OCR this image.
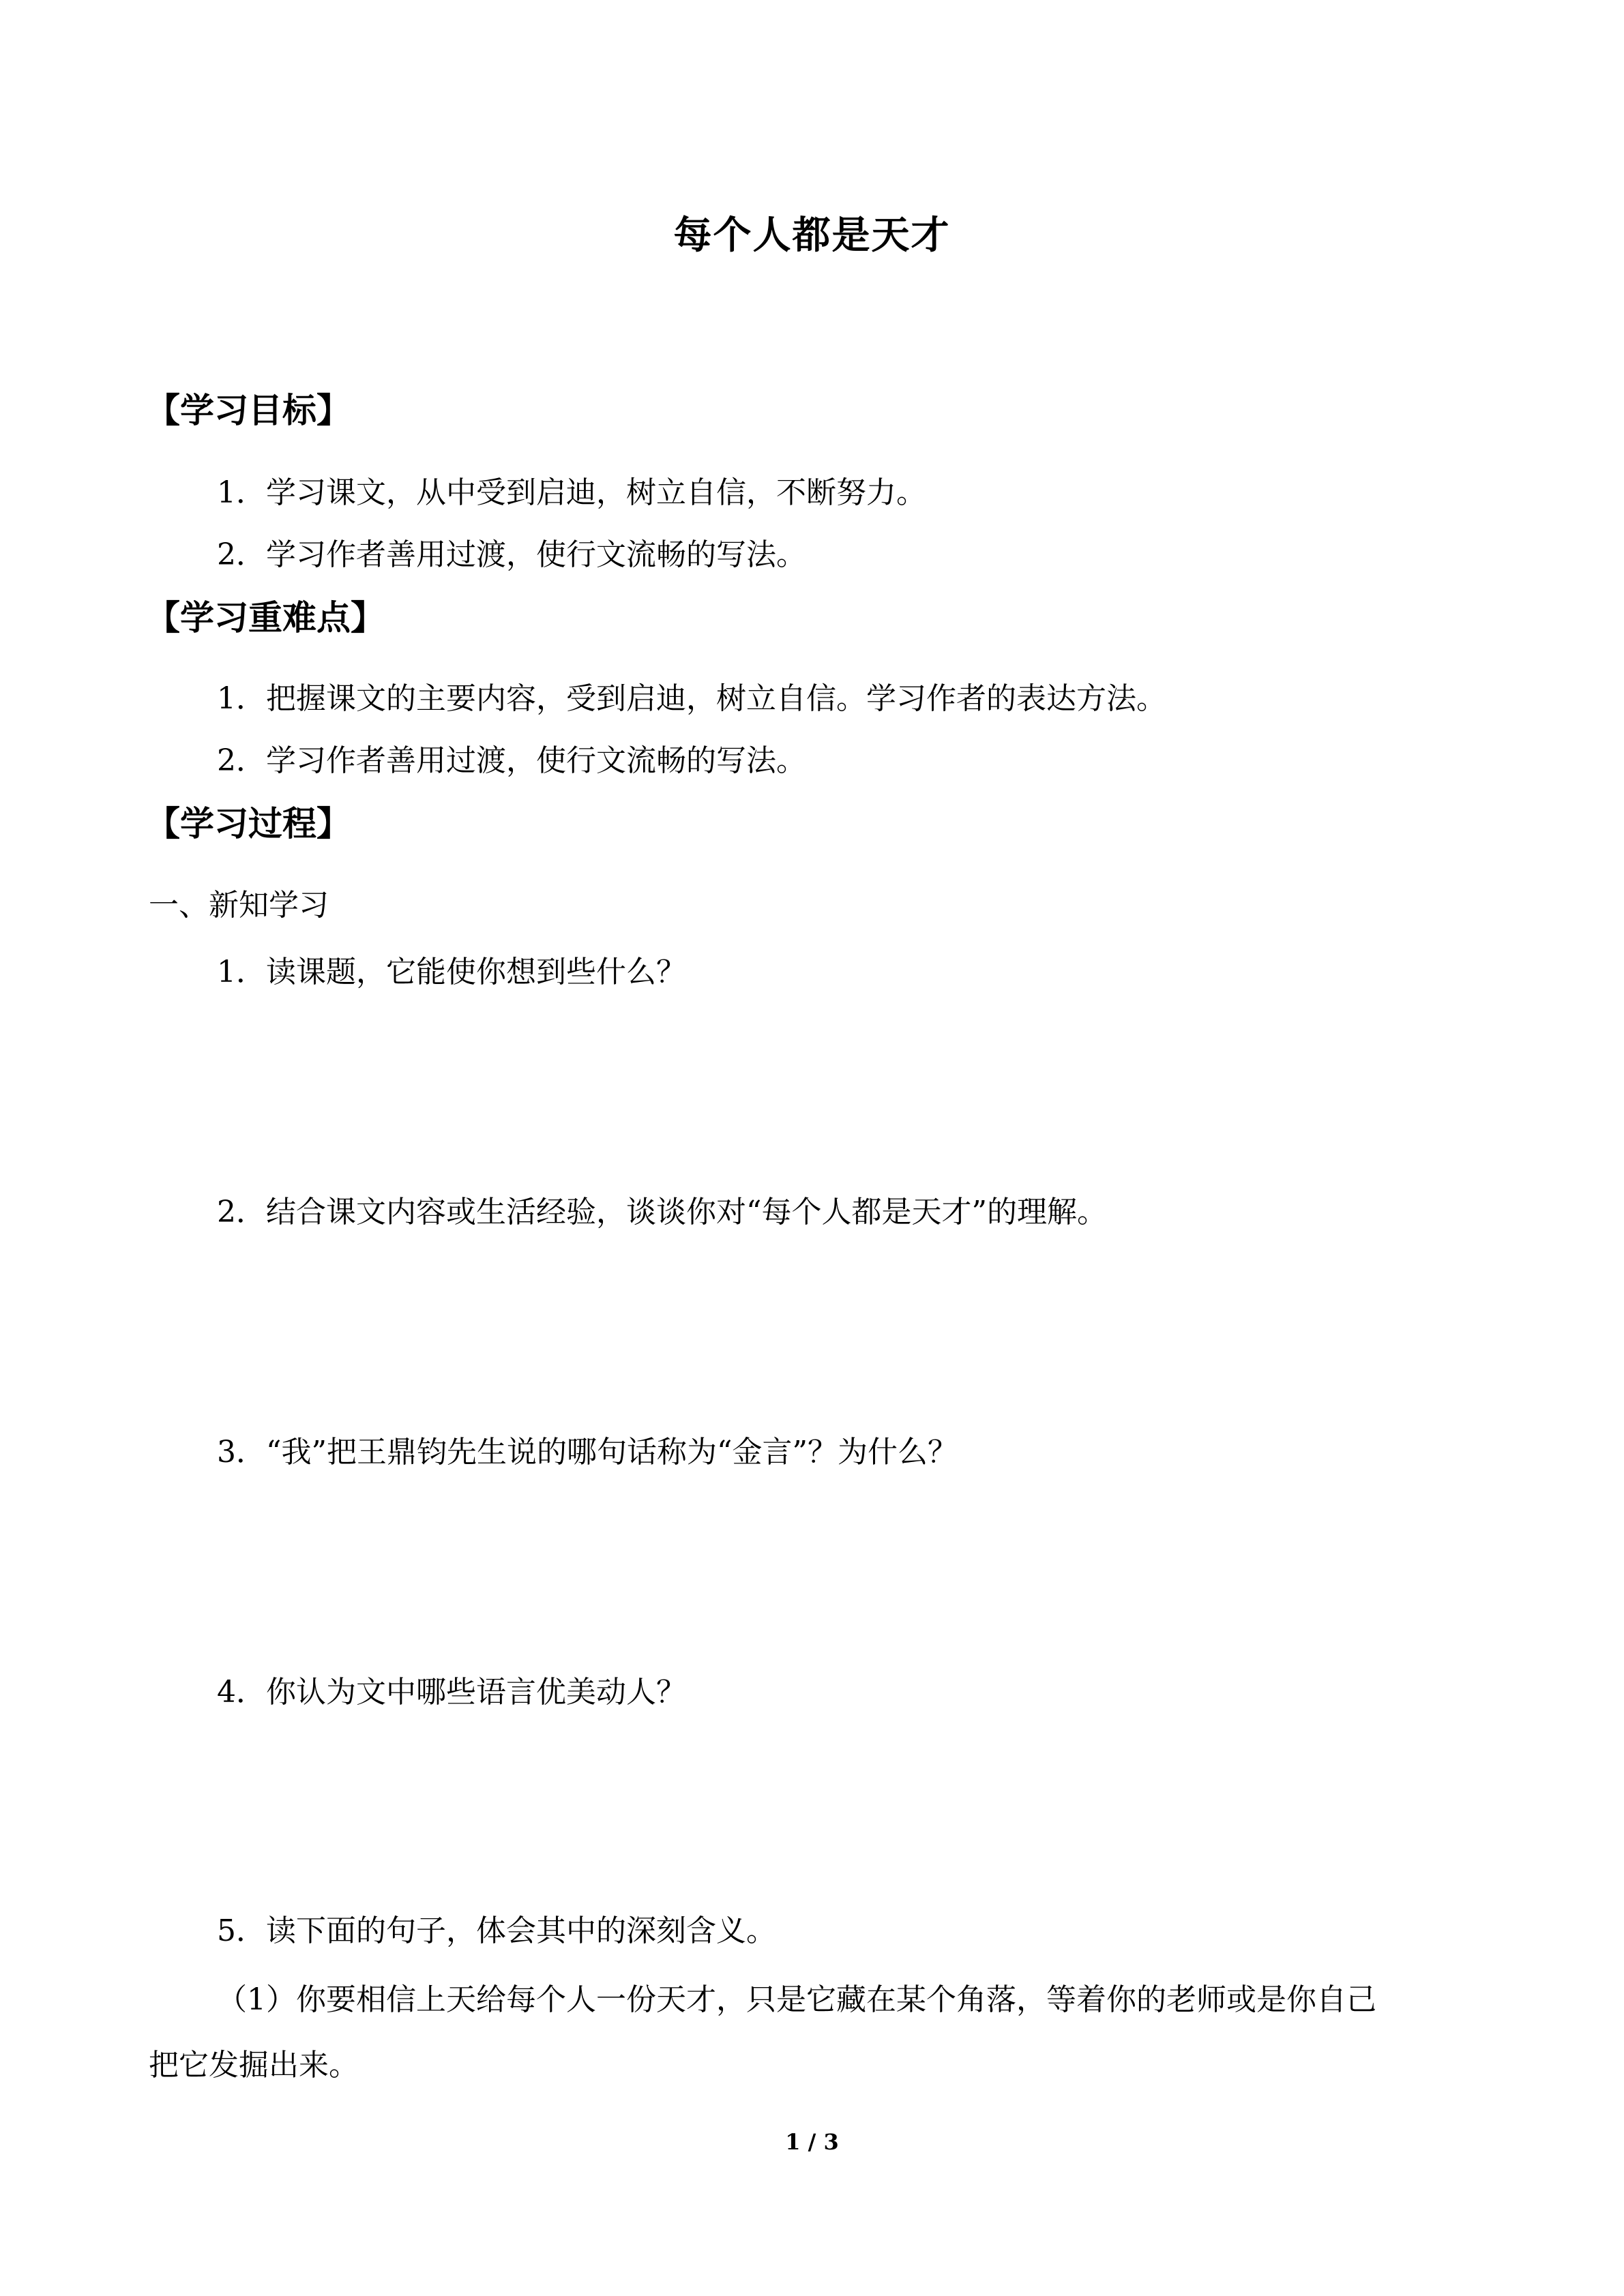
每个人都是天才
【学习目标】

1．学习课文，从中受到启迪，树立自信，不断努力。

2．学习作者善用过渡，使行文流畅的写法。

【学习重难点】

1．把握课文的主要内容，受到启迪，树立自信。学习作者的表达方法。

2．学习作者善用过渡，使行文流畅的写法。

【学习过程】

一、新知学习

1．读课题，它能使你想到些什么？

2．结合课文内容或生活经验，谈谈你对“每个人都是天才”的理解。

3．“我”把王鼎钧先生说的哪句话称为“金言”？为什么？

4．你认为文中哪些语言优美动人？

5．读下面的句子，体会其中的深刻含义。

（1）你要相信上天给每个人一份天才，只是它藏在某个角落，等着你的老师或是你自己

把它发掘出来。

1 / 3
